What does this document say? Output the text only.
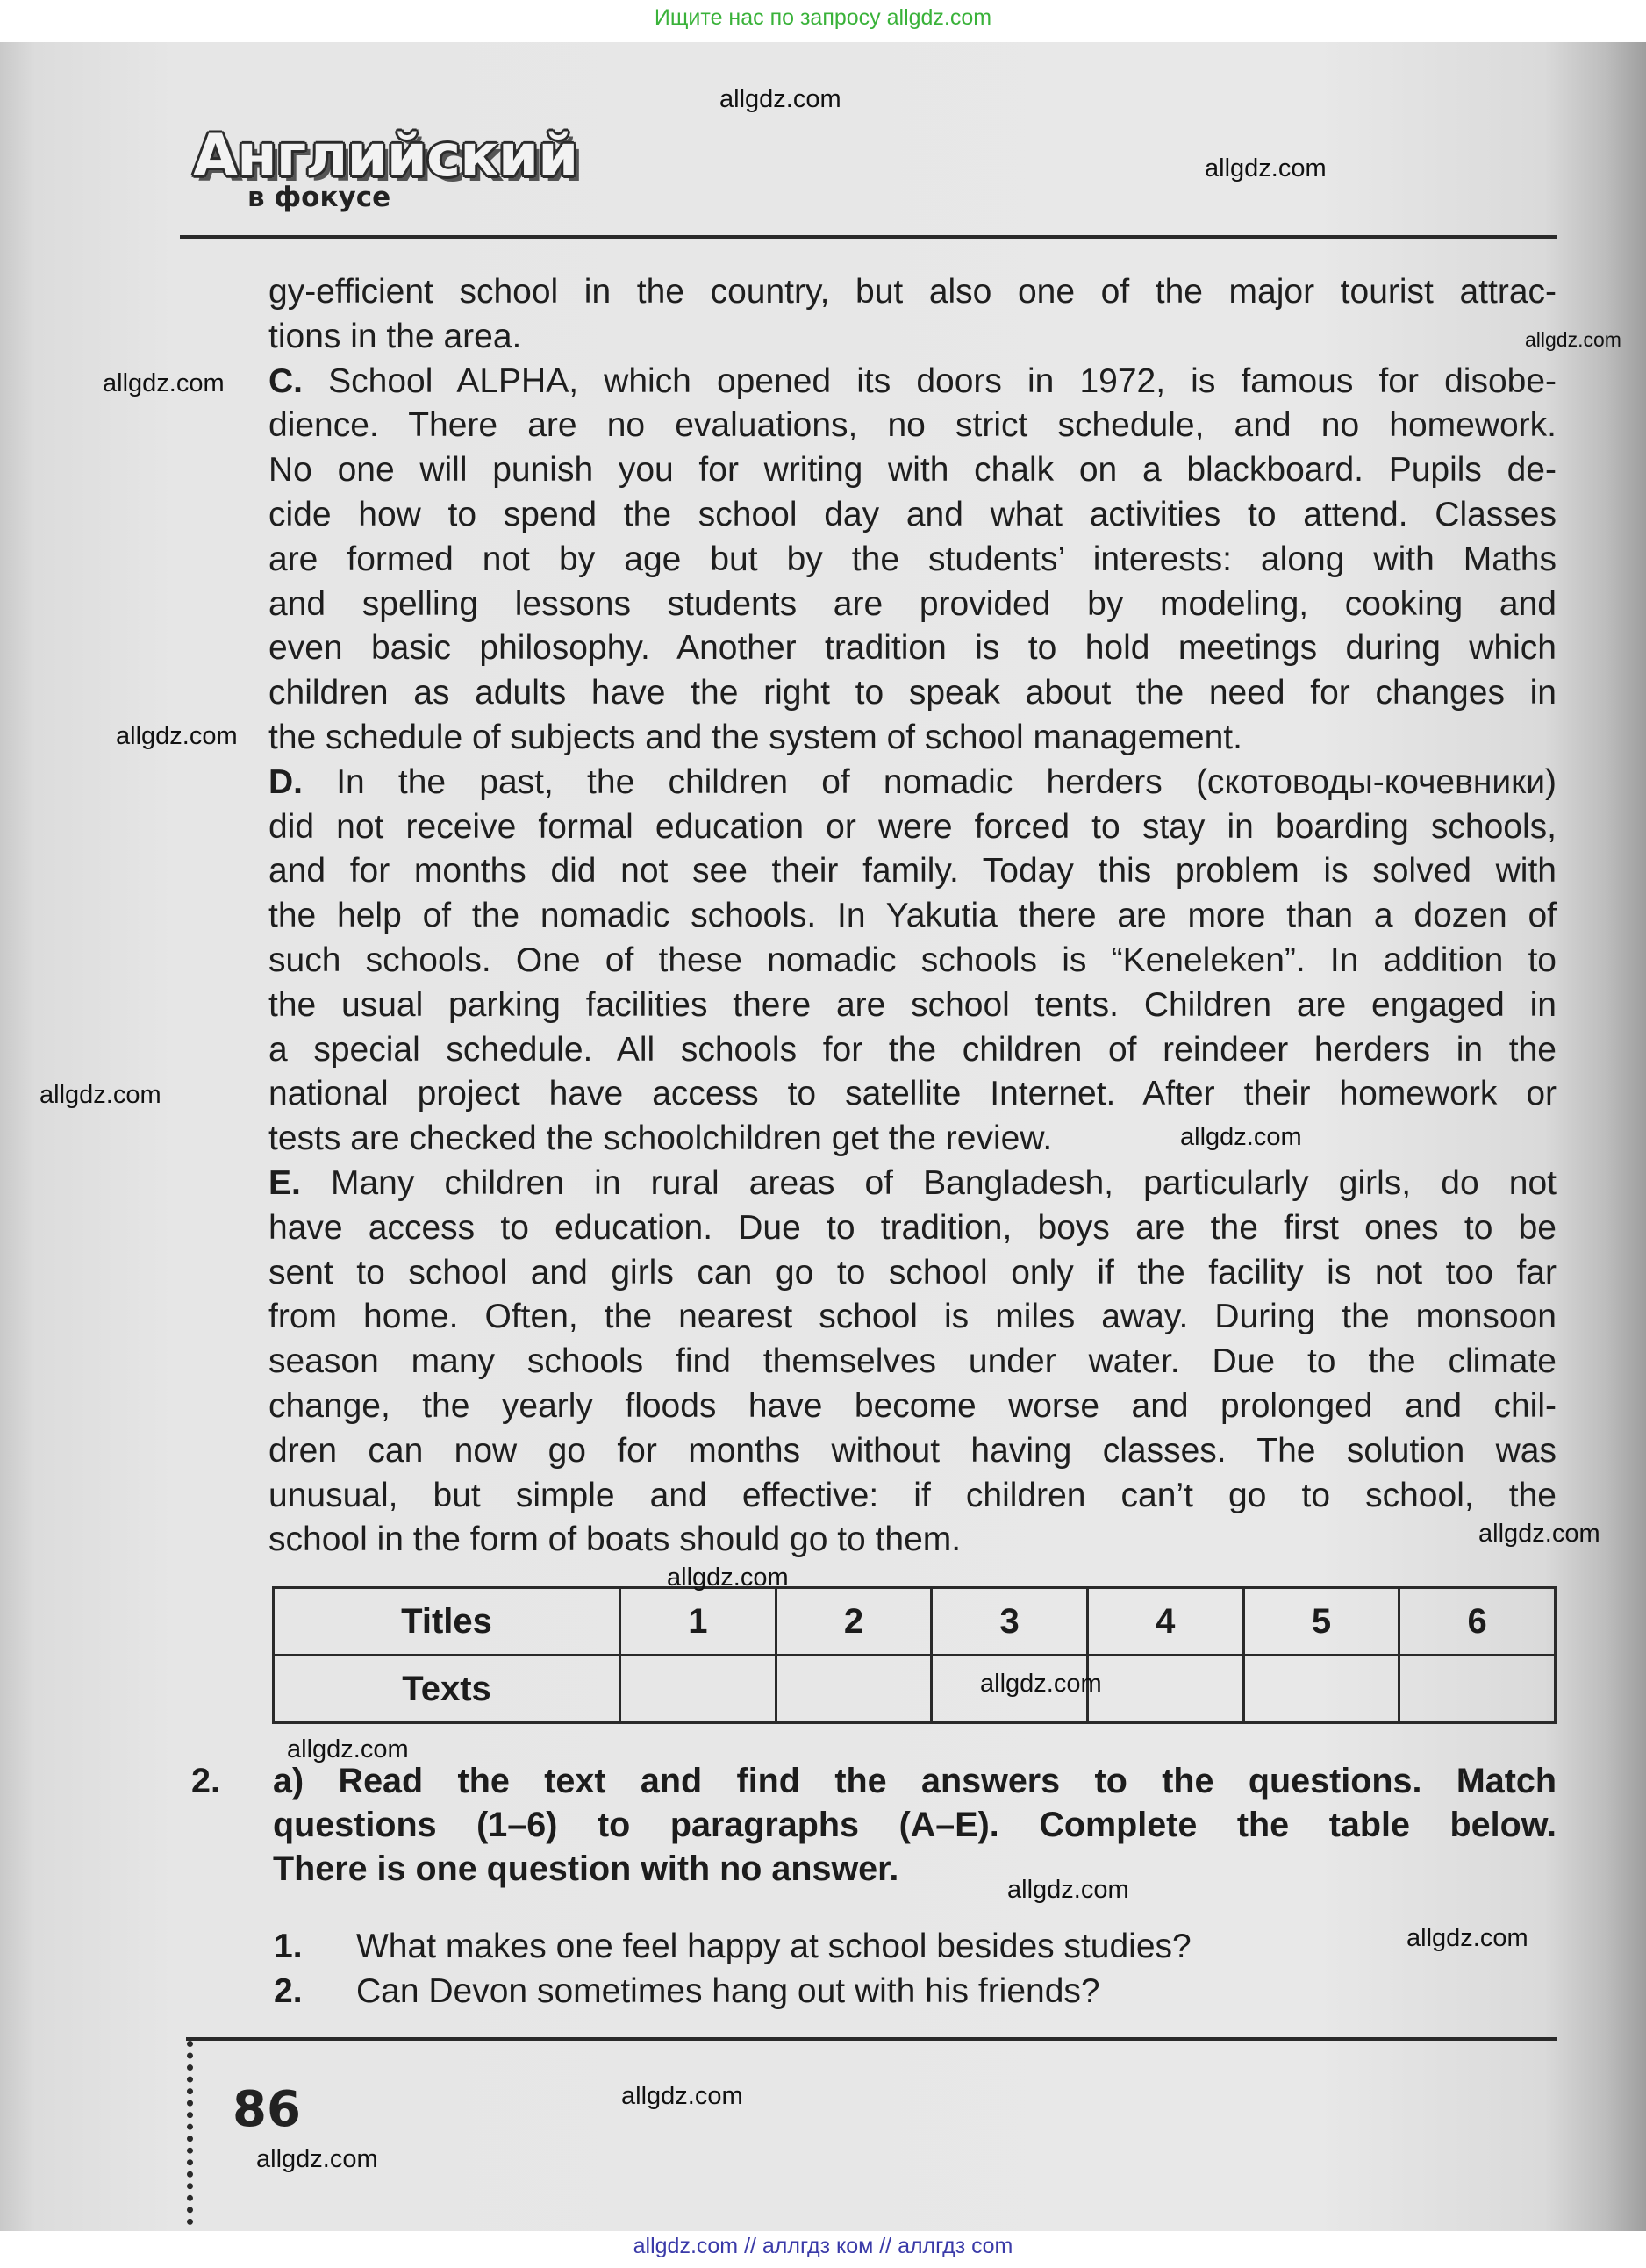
Ищите нас по запросу allgdz.com
Английский
в фокусе
gy-efficient school in the country, but also one of the major tourist attrac-
tions in the area.
C. School ALPHA, which opened its doors in 1972, is famous for disobe-
dience. There are no evaluations, no strict schedule, and no homework.
No one will punish you for writing with chalk on a blackboard. Pupils de-
cide how to spend the school day and what activities to attend. Classes
are formed not by age but by the students’ interests: along with Maths
and spelling lessons students are provided by modeling, cooking and
even basic philosophy. Another tradition is to hold meetings during which
children as adults have the right to speak about the need for changes in
the schedule of subjects and the system of school management.
D. In the past, the children of nomadic herders (скотоводы-кочевники)
did not receive formal education or were forced to stay in boarding schools,
and for months did not see their family. Today this problem is solved with
the help of the nomadic schools. In Yakutia there are more than a dozen of
such schools. One of these nomadic schools is “Keneleken”. In addition to
the usual parking facilities there are school tents. Children are engaged in
a special schedule. All schools for the children of reindeer herders in the
national project have access to satellite Internet. After their homework or
tests are checked the schoolchildren get the review.
E. Many children in rural areas of Bangladesh, particularly girls, do not
have access to education. Due to tradition, boys are the first ones to be
sent to school and girls can go to school only if the facility is not too far
from home. Often, the nearest school is miles away. During the monsoon
season many schools find themselves under water. Due to the climate
change, the yearly floods have become worse and prolonged and chil-
dren can now go for months without having classes. The solution was
unusual, but simple and effective: if children can’t go to school, the
school in the form of boats should go to them.
Titles	1	2	3	4	5	6
Texts						
2. a) Read the text and find the answers to the questions. Match
questions (1–6) to paragraphs (A–E). Complete the table below.
There is one question with no answer.
1. What makes one feel happy at school besides studies?
2. Can Devon sometimes hang out with his friends?
86
allgdz.com
allgdz.com
allgdz.com
allgdz.com
allgdz.com
allgdz.com
allgdz.com
allgdz.com
allgdz.com
allgdz.com
allgdz.com
allgdz.com
allgdz.com
allgdz.com
allgdz.com
allgdz.com // аллгдз ком // аллгдз com
